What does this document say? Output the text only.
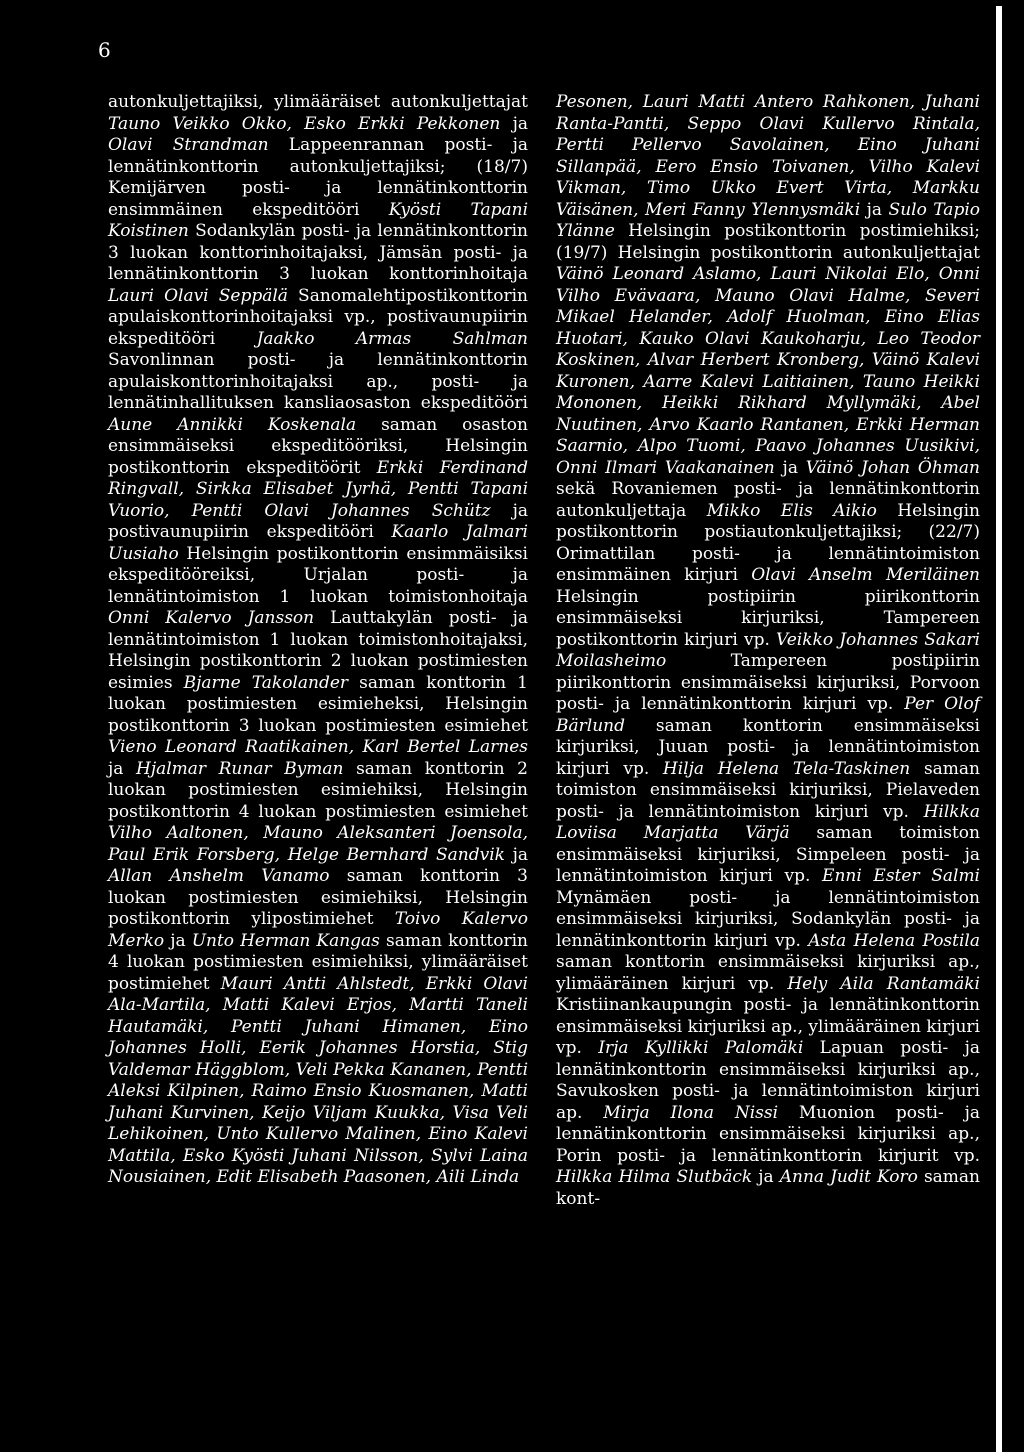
6

autonkuljettajiksi, ylimääräiset autonkuljettajat Tauno Veikko Okko, Esko Erkki Pekkonen ja Olavi Strandman Lappeenrannan posti- ja lennätinkonttorin autonkuljettajiksi; (18/7) Kemijärven posti- ja lennätinkonttorin ensimmäinen ekspeditööri Kyösti Tapani Koistinen Sodankylän posti- ja lennätinkonttorin 3 luokan konttorinhoitajaksi, Jämsän posti- ja lennätinkonttorin 3 luokan konttorinhoitaja Lauri Olavi Seppälä Sanomalehtipostikonttorin apulaiskonttorinhoitajaksi vp., postivaunupiirin ekspeditööri Jaakko Armas Sahlman Savonlinnan posti- ja lennätinkonttorin apulaiskonttorinhoitajaksi ap., posti- ja lennätinhallituksen kansliaosaston ekspeditööri Aune Annikki Koskenala saman osaston ensimmäiseksi ekspeditööriksi, Helsingin postikonttorin ekspeditöörit Erkki Ferdinand Ringvall, Sirkka Elisabet Jyrhä, Pentti Tapani Vuorio, Pentti Olavi Johannes Schütz ja postivaunupiirin ekspeditööri Kaarlo Jalmari Uusiaho Helsingin postikonttorin ensimmäisiksi ekspeditööreiksi, Urjalan posti- ja lennätintoimiston 1 luokan toimistonhoitaja Onni Kalervo Jansson Lauttakylän posti- ja lennätintoimiston 1 luokan toimistonhoitajaksi, Helsingin postikonttorin 2 luokan postimiesten esimies Bjarne Takolander saman konttorin 1 luokan postimiesten esimieheksi, Helsingin postikonttorin 3 luokan postimiesten esimiehet Vieno Leonard Raatikainen, Karl Bertel Larnes ja Hjalmar Runar Byman saman konttorin 2 luokan postimiesten esimiehiksi, Helsingin postikonttorin 4 luokan postimiesten esimiehet Vilho Aaltonen, Mauno Aleksanteri Joensola, Paul Erik Forsberg, Helge Bernhard Sandvik ja Allan Anshelm Vanamo saman konttorin 3 luokan postimiesten esimiehiksi, Helsingin postikonttorin ylipostimiehet Toivo Kalervo Merko ja Unto Herman Kangas saman konttorin 4 luokan postimiesten esimiehiksi, ylimääräiset postimiehet Mauri Antti Ahlstedt, Erkki Olavi Ala-Martila, Matti Kalevi Erjos, Martti Taneli Hautamäki, Pentti Juhani Himanen, Eino Johannes Holli, Eerik Johannes Horstia, Stig Valdemar Häggblom, Veli Pekka Kananen, Pentti Aleksi Kilpinen, Raimo Ensio Kuosmanen, Matti Juhani Kurvinen, Keijo Viljam Kuukka, Visa Veli Lehikoinen, Unto Kullervo Malinen, Eino Kalevi Mattila, Esko Kyösti Juhani Nilsson, Sylvi Laina Nousiainen, Edit Elisabeth Paasonen, Aili Linda

Pesonen, Lauri Matti Antero Rahkonen, Juhani Ranta-Pantti, Seppo Olavi Kullervo Rintala, Pertti Pellervo Savolainen, Eino Juhani Sillanpää, Eero Ensio Toivanen, Vilho Kalevi Vikman, Timo Ukko Evert Virta, Markku Väisänen, Meri Fanny Ylennysmäki ja Sulo Tapio Ylänne Helsingin postikonttorin postimiehiksi; (19/7) Helsingin postikonttorin autonkuljettajat Väinö Leonard Aslamo, Lauri Nikolai Elo, Onni Vilho Evävaara, Mauno Olavi Halme, Severi Mikael Helander, Adolf Huolman, Eino Elias Huotari, Kauko Olavi Kaukoharju, Leo Teodor Koskinen, Alvar Herbert Kronberg, Väinö Kalevi Kuronen, Aarre Kalevi Laitiainen, Tauno Heikki Mononen, Heikki Rikhard Myllymäki, Abel Nuutinen, Arvo Kaarlo Rantanen, Erkki Herman Saarnio, Alpo Tuomi, Paavo Johannes Uusikivi, Onni Ilmari Vaakanainen ja Väinö Johan Öhman sekä Rovaniemen posti- ja lennätinkonttorin autonkuljettaja Mikko Elis Aikio Helsingin postikonttorin postiautonkuljettajiksi; (22/7) Orimattilan posti- ja lennätintoimiston ensimmäinen kirjuri Olavi Anselm Meriläinen Helsingin postipiirin piirikonttorin ensimmäiseksi kirjuriksi, Tampereen postikonttorin kirjuri vp. Veikko Johannes Sakari Moilasheimo Tampereen postipiirin piirikonttorin ensimmäiseksi kirjuriksi, Porvoon posti- ja lennätinkonttorin kirjuri vp. Per Olof Bärlund saman konttorin ensimmäiseksi kirjuriksi, Juuan posti- ja lennätintoimiston kirjuri vp. Hilja Helena Tela-Taskinen saman toimiston ensimmäiseksi kirjuriksi, Pielaveden posti- ja lennätintoimiston kirjuri vp. Hilkka Loviisa Marjatta Värjä saman toimiston ensimmäiseksi kirjuriksi, Simpeleen posti- ja lennätintoimiston kirjuri vp. Enni Ester Salmi Mynämäen posti- ja lennätintoimiston ensimmäiseksi kirjuriksi, Sodankylän posti- ja lennätinkonttorin kirjuri vp. Asta Helena Postila saman konttorin ensimmäiseksi kirjuriksi ap., ylimääräinen kirjuri vp. Hely Aila Rantamäki Kristiinankaupungin posti- ja lennätinkonttorin ensimmäiseksi kirjuriksi ap., ylimääräinen kirjuri vp. Irja Kyllikki Palomäki Lapuan posti- ja lennätinkonttorin ensimmäiseksi kirjuriksi ap., Savukosken posti- ja lennätintoimiston kirjuri ap. Mirja Ilona Nissi Muonion posti- ja lennätinkonttorin ensimmäiseksi kirjuriksi ap., Porin posti- ja lennätinkonttorin kirjurit vp. Hilkka Hilma Slutbäck ja Anna Judit Koro saman kont-
